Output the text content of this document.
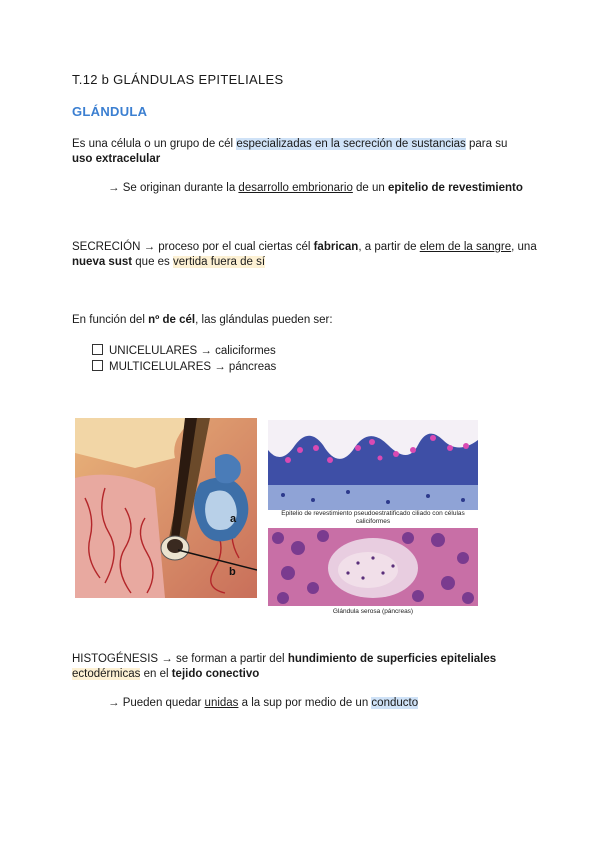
T.12 b GLÁNDULAS EPITELIALES
GLÁNDULA
Es una célula o un grupo de cél especializadas en la secreción de sustancias para su
uso extracelular
→ Se originan durante la desarrollo embrionario de un epitelio de revestimiento
SECRECIÓN → proceso por el cual ciertas cél fabrican, a partir de elem de la sangre, una
nueva sust que es vertida fuera de sí
En función del nº de cél, las glándulas pueden ser:
UNICELULARES → caliciformes
MULTICELULARES → páncreas
a
b
Epitelio de revestimiento pseudoestratificado ciliado con células caliciformes
Glándula serosa (páncreas)
HISTOGÉNESIS → se forman a partir del hundimiento de superficies epiteliales
ectodérmicas en el tejido conectivo
→ Pueden quedar unidas a la sup por medio de un conducto
